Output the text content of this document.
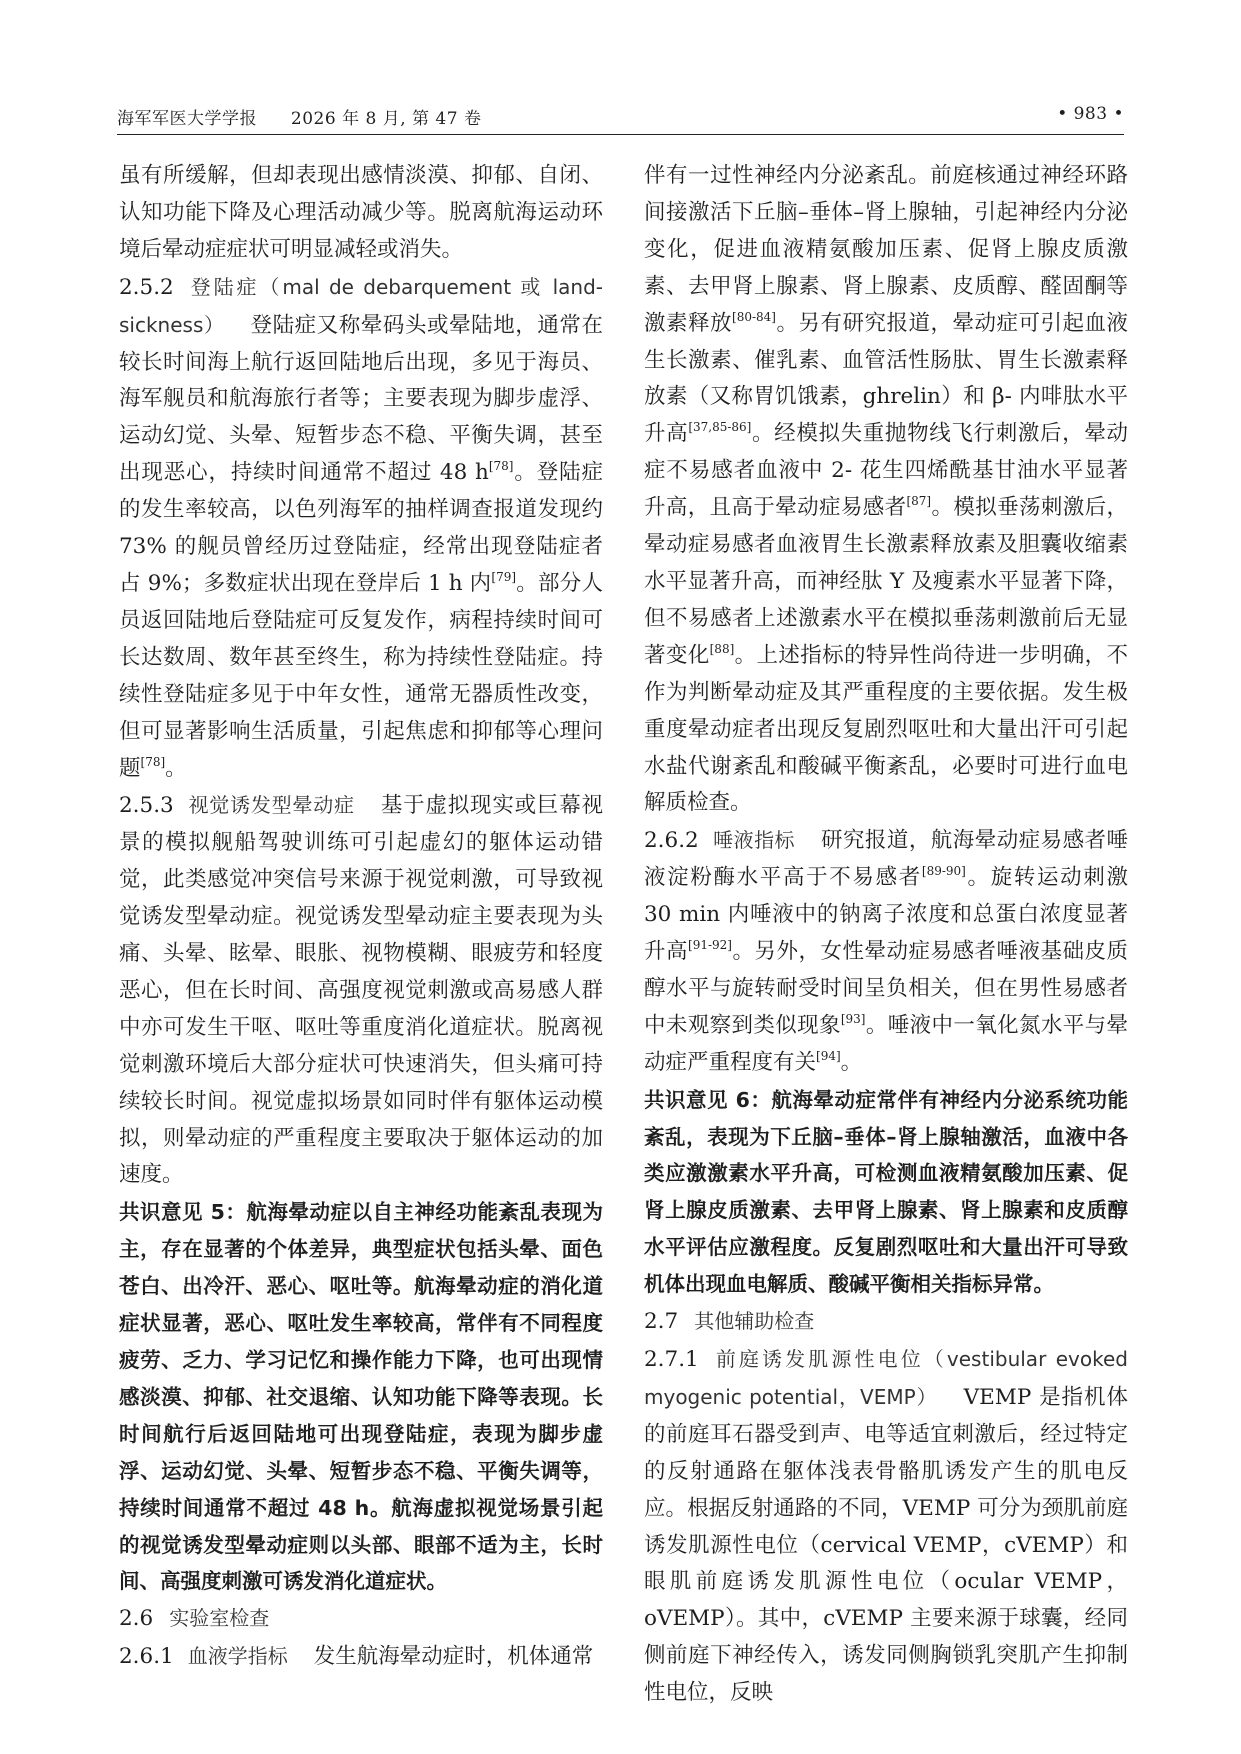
海军军医大学学报 2026 年 8 月, 第 47 卷	• 983 •

虽有所缓解，但却表现出感情淡漠、抑郁、自闭、认知功能下降及心理活动减少等。脱离航海运动环境后晕动症症状可明显减轻或消失。

2.5.2 登陆症（mal de debarquement 或 land-sickness） 登陆症又称晕码头或晕陆地，通常在较长时间海上航行返回陆地后出现，多见于海员、海军舰员和航海旅行者等；主要表现为脚步虚浮、运动幻觉、头晕、短暂步态不稳、平衡失调，甚至出现恶心，持续时间通常不超过 48 h[78]。登陆症的发生率较高，以色列海军的抽样调查报道发现约 73% 的舰员曾经历过登陆症，经常出现登陆症者占 9%；多数症状出现在登岸后 1 h 内[79]。部分人员返回陆地后登陆症可反复发作，病程持续时间可长达数周、数年甚至终生，称为持续性登陆症。持续性登陆症多见于中年女性，通常无器质性改变，但可显著影响生活质量，引起焦虑和抑郁等心理问题[78]。

2.5.3 视觉诱发型晕动症 基于虚拟现实或巨幕视景的模拟舰船驾驶训练可引起虚幻的躯体运动错觉，此类感觉冲突信号来源于视觉刺激，可导致视觉诱发型晕动症。视觉诱发型晕动症主要表现为头痛、头晕、眩晕、眼胀、视物模糊、眼疲劳和轻度恶心，但在长时间、高强度视觉刺激或高易感人群中亦可发生干呕、呕吐等重度消化道症状。脱离视觉刺激环境后大部分症状可快速消失，但头痛可持续较长时间。视觉虚拟场景如同时伴有躯体运动模拟，则晕动症的严重程度主要取决于躯体运动的加速度。

共识意见 5：航海晕动症以自主神经功能紊乱表现为主，存在显著的个体差异，典型症状包括头晕、面色苍白、出冷汗、恶心、呕吐等。航海晕动症的消化道症状显著，恶心、呕吐发生率较高，常伴有不同程度疲劳、乏力、学习记忆和操作能力下降，也可出现情感淡漠、抑郁、社交退缩、认知功能下降等表现。长时间航行后返回陆地可出现登陆症，表现为脚步虚浮、运动幻觉、头晕、短暂步态不稳、平衡失调等，持续时间通常不超过 48 h。航海虚拟视觉场景引起的视觉诱发型晕动症则以头部、眼部不适为主，长时间、高强度刺激可诱发消化道症状。

2.6 实验室检查

2.6.1 血液学指标 发生航海晕动症时，机体通常

伴有一过性神经内分泌紊乱。前庭核通过神经环路间接激活下丘脑–垂体–肾上腺轴，引起神经内分泌变化，促进血液精氨酸加压素、促肾上腺皮质激素、去甲肾上腺素、肾上腺素、皮质醇、醛固酮等激素释放[80-84]。另有研究报道，晕动症可引起血液生长激素、催乳素、血管活性肠肽、胃生长激素释放素（又称胃饥饿素，ghrelin）和 β- 内啡肽水平升高[37,85-86]。经模拟失重抛物线飞行刺激后，晕动症不易感者血液中 2- 花生四烯酰基甘油水平显著升高，且高于晕动症易感者[87]。模拟垂荡刺激后，晕动症易感者血液胃生长激素释放素及胆囊收缩素水平显著升高，而神经肽 Y 及瘦素水平显著下降，但不易感者上述激素水平在模拟垂荡刺激前后无显著变化[88]。上述指标的特异性尚待进一步明确，不作为判断晕动症及其严重程度的主要依据。发生极重度晕动症者出现反复剧烈呕吐和大量出汗可引起水盐代谢紊乱和酸碱平衡紊乱，必要时可进行血电解质检查。

2.6.2 唾液指标 研究报道，航海晕动症易感者唾液淀粉酶水平高于不易感者[89-90]。旋转运动刺激 30 min 内唾液中的钠离子浓度和总蛋白浓度显著升高[91-92]。另外，女性晕动症易感者唾液基础皮质醇水平与旋转耐受时间呈负相关，但在男性易感者中未观察到类似现象[93]。唾液中一氧化氮水平与晕动症严重程度有关[94]。

共识意见 6：航海晕动症常伴有神经内分泌系统功能紊乱，表现为下丘脑–垂体–肾上腺轴激活，血液中各类应激激素水平升高，可检测血液精氨酸加压素、促肾上腺皮质激素、去甲肾上腺素、肾上腺素和皮质醇水平评估应激程度。反复剧烈呕吐和大量出汗可导致机体出现血电解质、酸碱平衡相关指标异常。

2.7 其他辅助检查

2.7.1 前庭诱发肌源性电位（vestibular evoked myogenic potential，VEMP） VEMP 是指机体的前庭耳石器受到声、电等适宜刺激后，经过特定的反射通路在躯体浅表骨骼肌诱发产生的肌电反应。根据反射通路的不同，VEMP 可分为颈肌前庭诱发肌源性电位（cervical VEMP，cVEMP）和眼肌前庭诱发肌源性电位（ocular VEMP，oVEMP）。其中，cVEMP 主要来源于球囊，经同侧前庭下神经传入，诱发同侧胸锁乳突肌产生抑制性电位，反映
